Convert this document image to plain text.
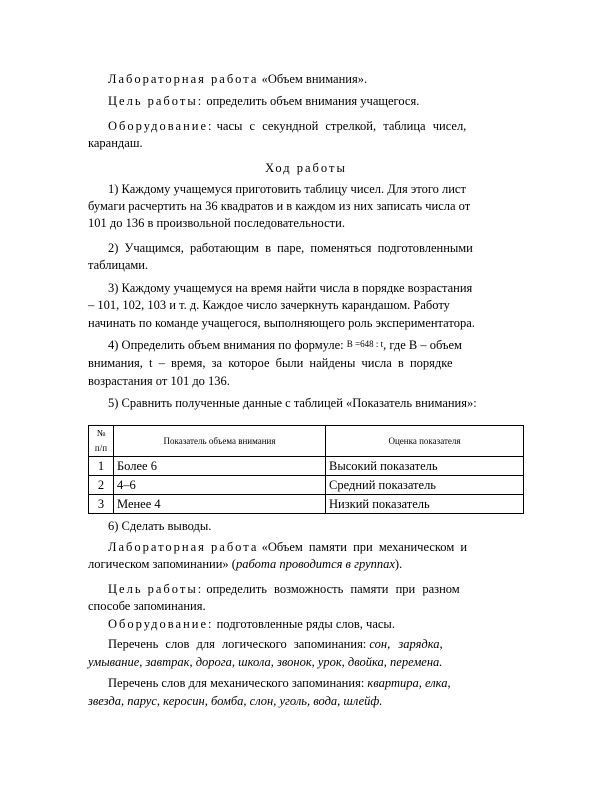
Лабораторная работа «Объем внимания».
Цель работы: определить объем внимания учащегося.
Оборудование: часы с секундной стрелкой, таблица чисел,
карандаш.
Ход работы
1) Каждому учащемуся приготовить таблицу чисел. Для этого лист
бумаги расчертить на 36 квадратов и в каждом из них записать числа от
101 до 136 в произвольной последовательности.
2) Учащимся, работающим в паре, поменяться подготовленными
таблицами.
3) Каждому учащемуся на время найти числа в порядке возрастания
– 101, 102, 103 и т. д. Каждое число зачеркнуть карандашом. Работу
начинать по команде учащегося, выполняющего роль экспериментатора.
4) Определить объем внимания по формуле: B =648 : t, где В – объем
внимания, t – время, за которое были найдены числа в порядке
возрастания от 101 до 136.
5) Сравнить полученные данные с таблицей «Показатель внимания»:
№ п/п	Показатель объема внимания	Оценка показателя
1	Более 6	Высокий показатель
2	4–6	Средний показатель
3	Менее 4	Низкий показатель
6) Сделать выводы.
Лабораторная работа «Объем памяти при механическом и
логическом запоминании» (работа проводится в группах).
Цель работы: определить возможность памяти при разном
способе запоминания.
Оборудование: подготовленные ряды слов, часы.
Перечень слов для логического запоминания: сон, зарядка,
умывание, завтрак, дорога, школа, звонок, урок, двойка, перемена.
Перечень слов для механического запоминания: квартира, елка,
звезда, парус, керосин, бомба, слон, уголь, вода, шлейф.
